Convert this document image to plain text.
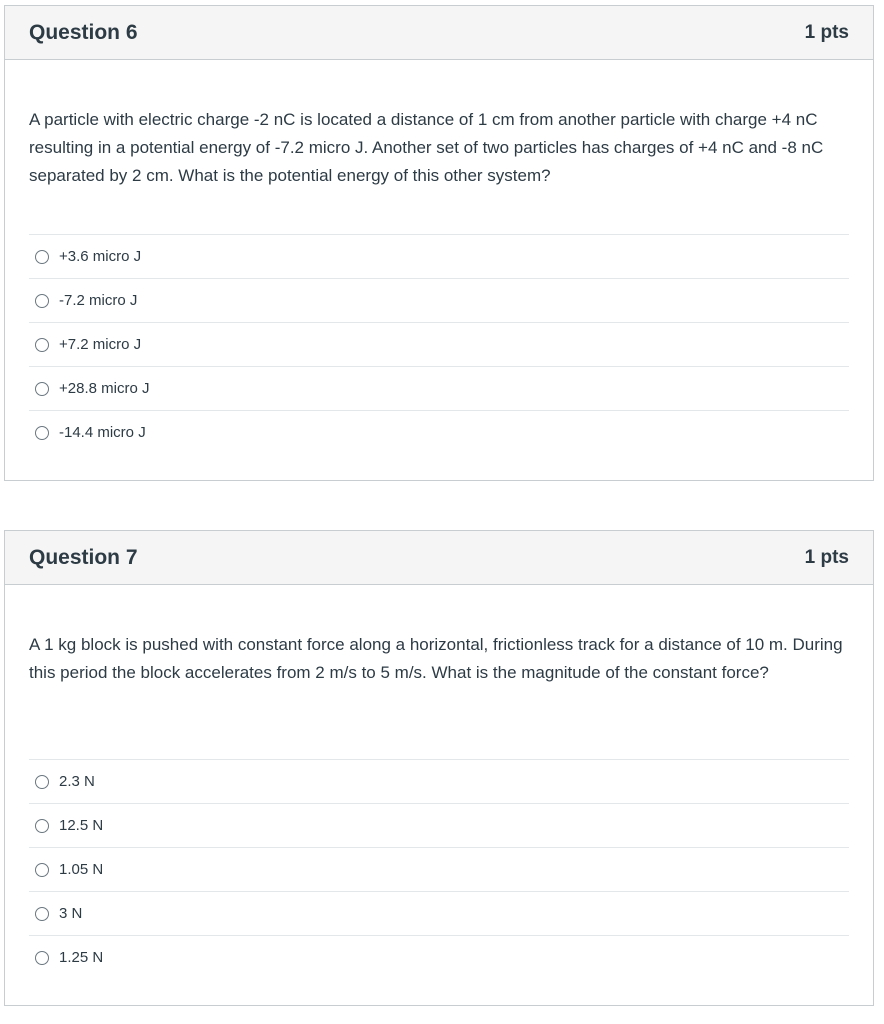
Question 6	1 pts
A particle with electric charge -2 nC is located a distance of 1 cm from another particle with charge +4 nC resulting in a potential energy of -7.2 micro J. Another set of two particles has charges of +4 nC and -8 nC separated by 2 cm. What is the potential energy of this other system?
+3.6 micro J
-7.2 micro J
+7.2 micro J
+28.8 micro J
-14.4 micro J
Question 7	1 pts
A 1 kg block is pushed with constant force along a horizontal, frictionless track for a distance of 10 m. During this period the block accelerates from 2 m/s to 5 m/s. What is the magnitude of the constant force?
2.3 N
12.5 N
1.05 N
3 N
1.25 N
